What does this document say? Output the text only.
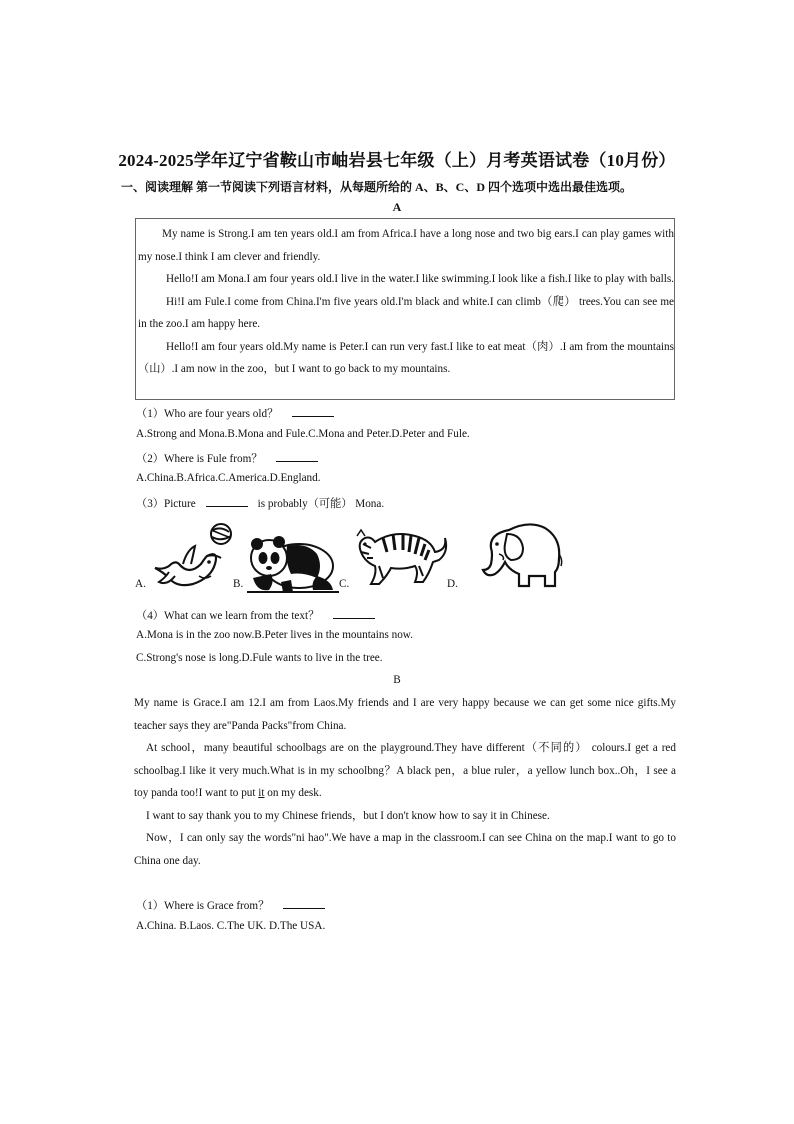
2024-2025学年辽宁省鞍山市岫岩县七年级（上）月考英语试卷（10月份）
一、阅读理解 第一节阅读下列语言材料，从每题所给的 A、B、C、D 四个选项中选出最佳选项。
A

My name is Strong.I am ten years old.I am from Africa.I have a long nose and two big ears.I can play games with my nose.I think I am clever and friendly.

Hello!I am Mona.I am four years old.I live in the water.I like swimming.I look like a fish.I like to play with balls.

Hi!I am Fule.I come from China.I'm five years old.I'm black and white.I can climb（爬） trees.You can see me in the zoo.I am happy here.

Hello!I am four years old.My name is Peter.I can run very fast.I like to eat meat（肉）.I am from the mountains（山）.I am now in the zoo，but I want to go back to my mountains.

（1）Who are four years old？
A.Strong and Mona.B.Mona and Fule.C.Mona and Peter.D.Peter and Fule.
（2）Where is Fule from？
A.China.B.Africa.C.America.D.England.
（3）Picture	is probably（可能） Mona.
A.	B.	C.	D.
（4）What can we learn from the text？
A.Mona is in the zoo now.B.Peter lives in the mountains now.
C.Strong's nose is long.D.Fule wants to live in the tree.
B

My name is Grace.I am 12.I am from Laos.My friends and I are very happy because we can get some nice gifts.My teacher says they are"Panda Packs"from China.

At school，many beautiful schoolbags are on the playground.They have different（不同的） colours.I get a red schoolbag.I like it very much.What is in my schoolbng？A black pen，a blue ruler，a yellow lunch box..Oh，I see a toy panda too!I want to put it on my desk.

I want to say thank you to my Chinese friends，but I don't know how to say it in Chinese.

Now，I can only say the words"ni hao".We have a map in the classroom.I can see China on the map.I want to go to China one day.

（1）Where is Grace from？
A.China. B.Laos. C.The UK. D.The USA.
